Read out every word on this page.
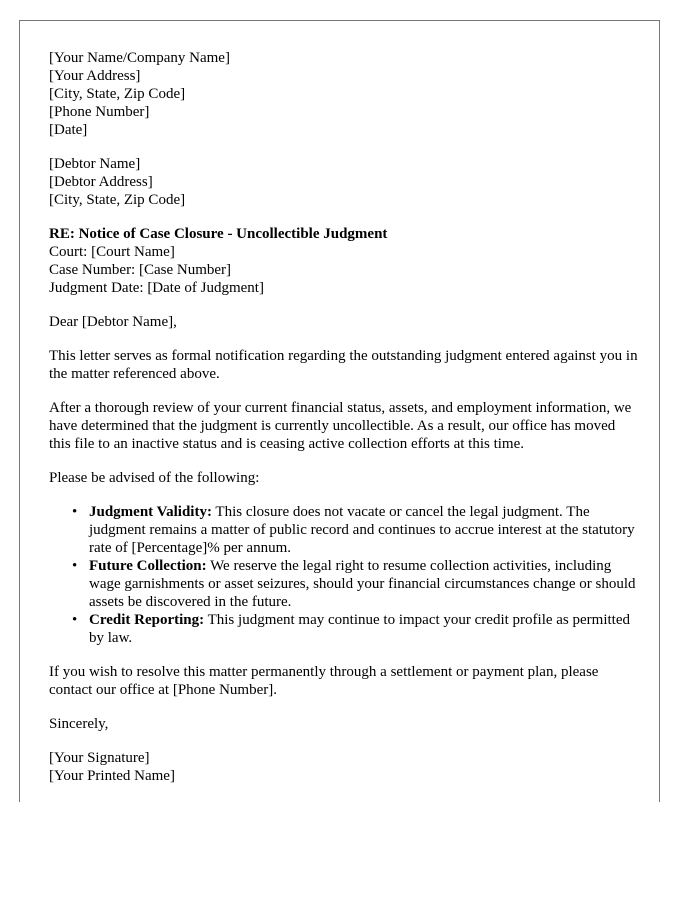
[Your Name/Company Name]
[Your Address]
[City, State, Zip Code]
[Phone Number]
[Date]
[Debtor Name]
[Debtor Address]
[City, State, Zip Code]
RE: Notice of Case Closure - Uncollectible Judgment
Court: [Court Name]
Case Number: [Case Number]
Judgment Date: [Date of Judgment]

Dear [Debtor Name],

This letter serves as formal notification regarding the outstanding judgment entered against you in the matter referenced above.

After a thorough review of your current financial status, assets, and employment information, we have determined that the judgment is currently uncollectible. As a result, our office has moved this file to an inactive status and is ceasing active collection efforts at this time.

Please be advised of the following:

• Judgment Validity: This closure does not vacate or cancel the legal judgment. The judgment remains a matter of public record and continues to accrue interest at the statutory rate of [Percentage]% per annum.
• Future Collection: We reserve the legal right to resume collection activities, including wage garnishments or asset seizures, should your financial circumstances change or should assets be discovered in the future.
• Credit Reporting: This judgment may continue to impact your credit profile as permitted by law.

If you wish to resolve this matter permanently through a settlement or payment plan, please contact our office at [Phone Number].

Sincerely,

[Your Signature]
[Your Printed Name]
